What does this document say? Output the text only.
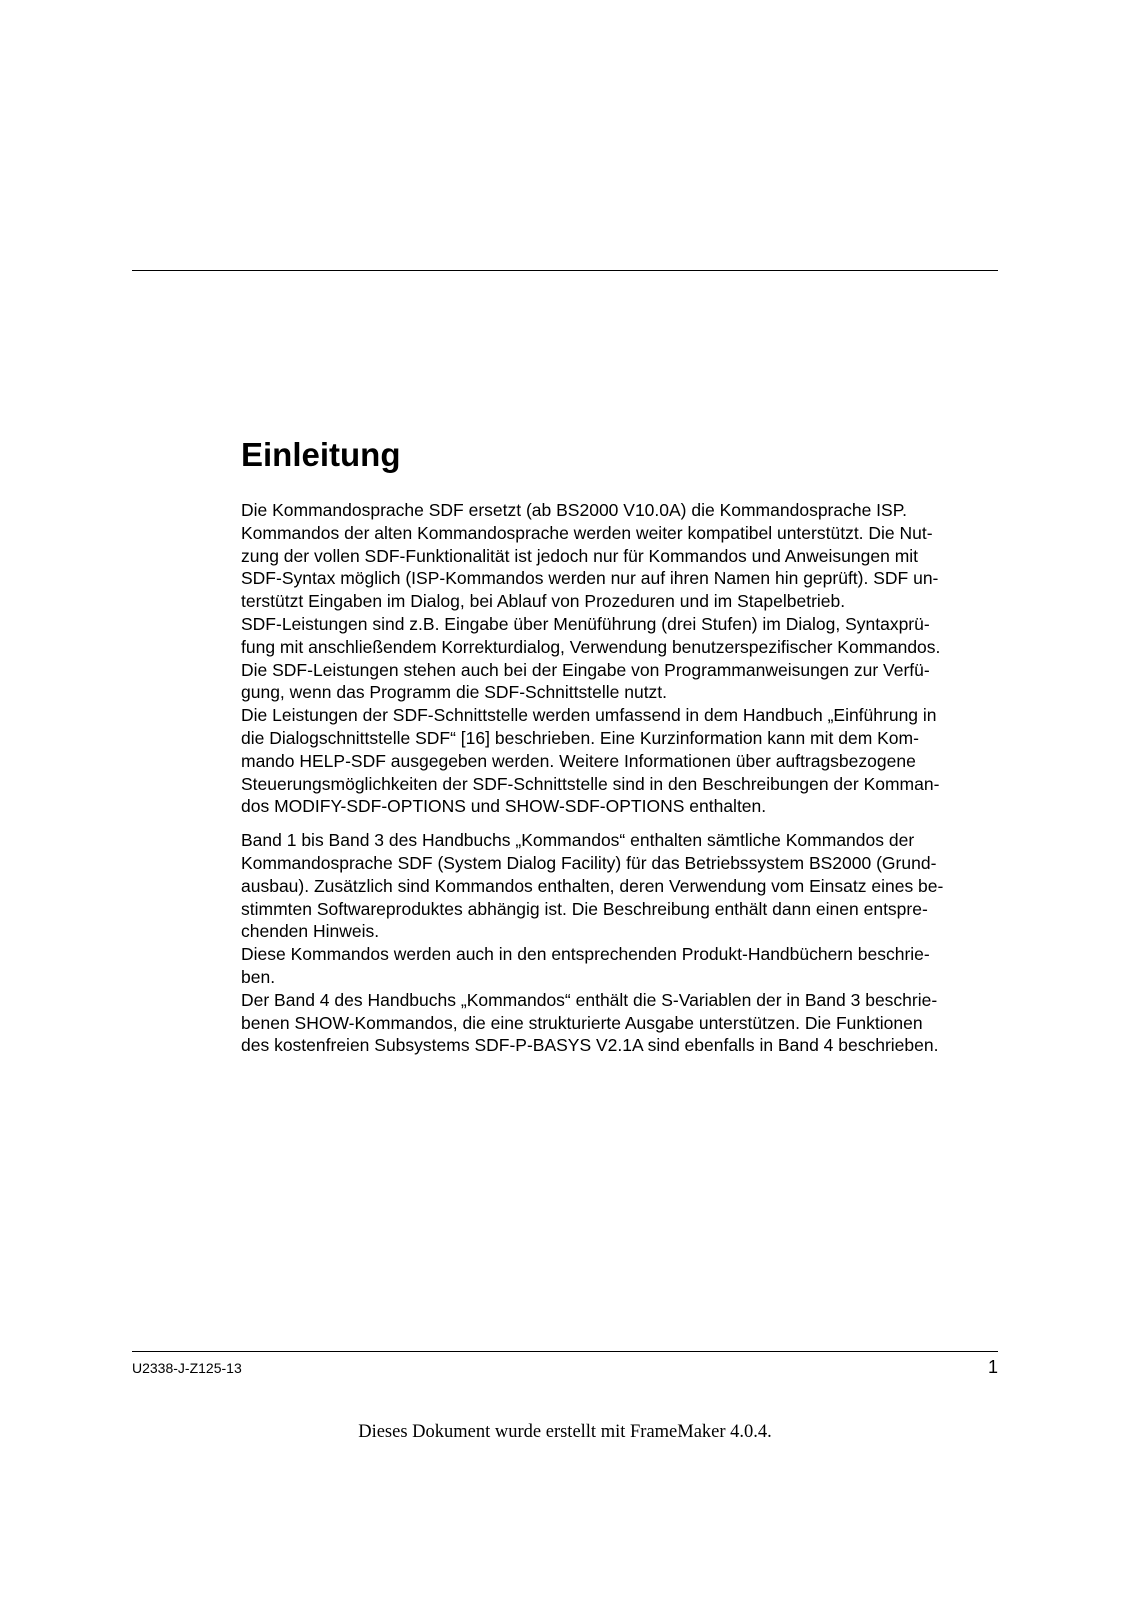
Einleitung

Die Kommandosprache SDF ersetzt (ab BS2000 V10.0A) die Kommandosprache ISP.
Kommandos der alten Kommandosprache werden weiter kompatibel unterstützt. Die Nut-
zung der vollen SDF-Funktionalität ist jedoch nur für Kommandos und Anweisungen mit
SDF-Syntax möglich (ISP-Kommandos werden nur auf ihren Namen hin geprüft). SDF un-
terstützt Eingaben im Dialog, bei Ablauf von Prozeduren und im Stapelbetrieb.
SDF-Leistungen sind z.B. Eingabe über Menüführung (drei Stufen) im Dialog, Syntaxprü-
fung mit anschließendem Korrekturdialog, Verwendung benutzerspezifischer Kommandos.
Die SDF-Leistungen stehen auch bei der Eingabe von Programmanweisungen zur Verfü-
gung, wenn das Programm die SDF-Schnittstelle nutzt.
Die Leistungen der SDF-Schnittstelle werden umfassend in dem Handbuch „Einführung in
die Dialogschnittstelle SDF“ [16] beschrieben. Eine Kurzinformation kann mit dem Kom-
mando HELP-SDF ausgegeben werden. Weitere Informationen über auftragsbezogene
Steuerungsmöglichkeiten der SDF-Schnittstelle sind in den Beschreibungen der Komman-
dos MODIFY-SDF-OPTIONS und SHOW-SDF-OPTIONS enthalten.

Band 1 bis Band 3 des Handbuchs „Kommandos“ enthalten sämtliche Kommandos der
Kommandosprache SDF (System Dialog Facility) für das Betriebssystem BS2000 (Grund-
ausbau). Zusätzlich sind Kommandos enthalten, deren Verwendung vom Einsatz eines be-
stimmten Softwareproduktes abhängig ist. Die Beschreibung enthält dann einen entspre-
chenden Hinweis.
Diese Kommandos werden auch in den entsprechenden Produkt-Handbüchern beschrie-
ben.
Der Band 4 des Handbuchs „Kommandos“ enthält die S-Variablen der in Band 3 beschrie-
benen SHOW-Kommandos, die eine strukturierte Ausgabe unterstützen. Die Funktionen
des kostenfreien Subsystems SDF-P-BASYS V2.1A sind ebenfalls in Band 4 beschrieben.

U2338-J-Z125-13	1
Dieses Dokument wurde erstellt mit FrameMaker 4.0.4.
